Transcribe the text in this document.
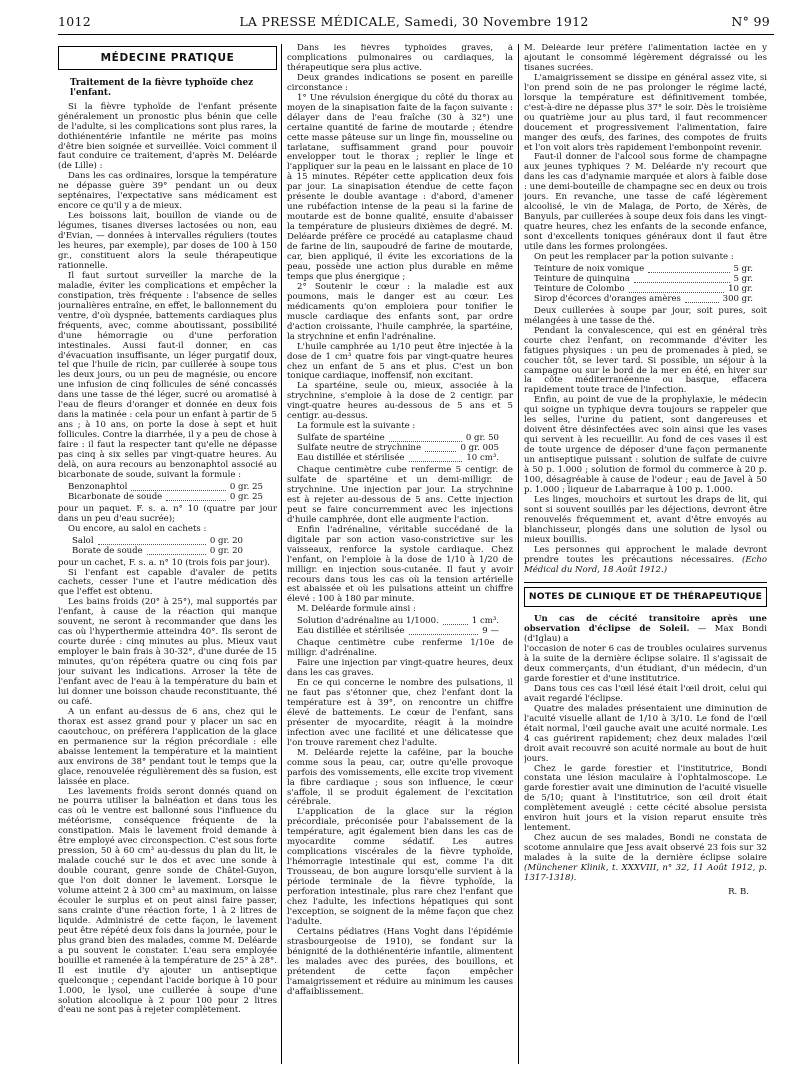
1012	LA PRESSE MÉDICALE, Samedi, 30 Novembre 1912	N° 99
MÉDECINE PRATIQUE
Traitement de la fièvre typhoïde chez l'enfant.

Si la fièvre typhoïde de l'enfant présente généralement un pronostic plus bénin que celle de l'adulte, si les complications sont plus rares, la dothiénentérie infantile ne mérite pas moins d'être bien soignée et surveillée. Voici comment il faut conduire ce traitement, d'après M. Deléarde (de Lille) :

Dans les cas ordinaires, lorsque la température ne dépasse guère 39° pendant un ou deux septénaires, l'expectative sans médicament est encore ce qu'il y a de mieux.

Les boissons lait, bouillon de viande ou de légumes, tisanes diverses lactosées ou non, eau d'Evian, — données à intervalles réguliers (toutes les heures, par exemple), par doses de 100 à 150 gr., constituent alors la seule thérapeutique rationnelle.

Il faut surtout surveiller la marche de la maladie, éviter les complications et empêcher la constipation, très fréquente : l'absence de selles journalières entraîne, en effet, le ballonnement du ventre, d'où dyspnée, battements cardiaques plus fréquents, avec, comme aboutissant, possibilité d'une hémorragie ou d'une perforation intestinales. Aussi faut-il donner, en cas d'évacuation insuffisante, un léger purgatif doux, tel que l'huile de ricin, par cuillerée à soupe tous les deux jours, ou un peu de magnésie, ou encore une infusion de cinq follicules de séné concassés dans une tasse de thé léger, sucré ou aromatisé à l'eau de fleurs d'oranger et donnée en deux fois dans la matinée : cela pour un enfant à partir de 5 ans ; à 10 ans, on porte la dose à sept et huit follicules. Contre la diarrhée, il y a peu de chose à faire : il faut la respecter tant qu'elle ne dépasse pas cinq à six selles par vingt-quatre heures. Au delà, on aura recours au benzonaphtol associé au bicarbonate de soude, suivant la formule :

Benzonaphtol	0 gr. 25
Bicarbonate de soude	0 gr. 25

pour un paquet. F. s. a. n° 10 (quatre par jour dans un peu d'eau sucrée);

Ou encore, au salol en cachets :

Salol	0 gr. 20
Borate de soude	0 gr. 20

pour un cachet, F. s. a. n° 10 (trois fois par jour).

Si l'enfant est capable d'avaler de petits cachets, cesser l'une et l'autre médication dès que l'effet est obtenu.

Les bains froids (20° à 25°), mal supportés par l'enfant, à cause de la réaction qui manque souvent, ne seront à recommander que dans les cas où l'hyperthermie atteindra 40°. Ils seront de courte durée : cinq minutes au plus. Mieux vaut employer le bain frais à 30-32°, d'une durée de 15 minutes, qu'on répétera quatre ou cinq fois par jour suivant les indications. Arroser la tête de l'enfant avec de l'eau à la température du bain et lui donner une boisson chaude reconstituante, thé ou café.

A un enfant au-dessus de 6 ans, chez qui le thorax est assez grand pour y placer un sac en caoutchouc, on préférera l'application de la glace en permanence sur la région précordiale : elle abaisse lentement la température et la maintient aux environs de 38° pendant tout le temps que la glace, renouvelée régulièrement dès sa fusion, est laissée en place.

Les lavements froids seront donnés quand on ne pourra utiliser la balnéation et dans tous les cas où le ventre est ballonné sous l'influence du météorisme, conséquence fréquente de la constipation. Mais le lavement froid demande à être employé avec circonspection. C'est sous forte pression, 50 à 60 cm³ au-dessus du plan du lit, le malade couché sur le dos et avec une sonde à double courant, genre sonde de Châtel-Guyon, que l'on doit donner le lavement. Lorsque le volume atteint 2 à 300 cm³ au maximum, on laisse écouler le surplus et on peut ainsi faire passer, sans crainte d'une réaction forte, 1 à 2 litres de liquide. Administré de cette façon, le lavement peut être répété deux fois dans la journée, pour le plus grand bien des malades, comme M. Deléarde a pu souvent le constater. L'eau sera employée bouillie et ramenée à la température de 25° à 28°. Il est inutile d'y ajouter un antiseptique quelconque ; cependant l'acide borique à 10 pour 1.000, le lysol, une cuillerée à soupe d'une solution alcoolique à 2 pour 100 pour 2 litres d'eau ne sont pas à rejeter complètement.

Dans les fièvres typhoïdes graves, à complications pulmonaires ou cardiaques, la thérapeutique sera plus active.

Deux grandes indications se posent en pareille circonstance :

1° Une révulsion énergique du côté du thorax au moyen de la sinapisation faite de la façon suivante : délayer dans de l'eau fraîche (30 à 32°) une certaine quantité de farine de moutarde ; étendre cette masse pâteuse sur un linge fin, mousseline ou tarlatane, suffisamment grand pour pouvoir envelopper tout le thorax ; replier le linge et l'appliquer sur la peau en le laissant en place de 10 à 15 minutes. Répéter cette application deux fois par jour. La sinapisation étendue de cette façon présente le double avantage : d'abord, d'amener une rubéfaction intense de la peau si la farine de moutarde est de bonne qualité, ensuite d'abaisser la température de plusieurs dixièmes de degré. M. Deléarde préfère ce procédé au cataplasme chaud de farine de lin, saupoudré de farine de moutarde, car, bien appliqué, il évite les excoriations de la peau, possède une action plus durable en même temps que plus énergique ;

2° Soutenir le cœur : la maladie est aux poumons, mais le danger est au cœur. Les médicaments qu'on emploiera pour tonifier le muscle cardiaque des enfants sont, par ordre d'action croissante, l'huile camphrée, la spartéine, la strychnine et enfin l'adrénaline.

L'huile camphrée au 1/10 peut être injectée à la dose de 1 cm³ quatre fois par vingt-quatre heures chez un enfant de 5 ans et plus. C'est un bon tonique cardiaque, inoffensif, non excitant.

La spartéine, seule ou, mieux, associée à la strychnine, s'emploie à la dose de 2 centigr. par vingt-quatre heures au-dessous de 5 ans et 5 centigr. au-dessus.

La formule est la suivante :

Sulfate de spartéine	0 gr. 50
Sulfate neutre de strychnine	0 gr. 005
Eau distillée et stérilisée	10 cm³.

Chaque centimètre cube renferme 5 centigr. de sulfate de spartéine et un demi-milligr. de strychnine. Une injection par jour. La strychnine est à rejeter au-dessous de 5 ans. Cette injection peut se faire concurremment avec les injections d'huile camphrée, dont elle augmente l'action.

Enfin l'adrénaline, véritable succédané de la digitale par son action vaso-constrictive sur les vaisseaux, renforce la systole cardiaque. Chez l'enfant, on l'emploie à la dose de 1/10 à 1/20 de milligr. en injection sous-cutanée. Il faut y avoir recours dans tous les cas où la tension artérielle est abaissée et où les pulsations atteint un chiffre élevé : 100 à 180 par minute.

M. Deléarde formule ainsi :

Solution d'adrénaline au 1/1000.	1 cm³.
Eau distillée et stérilisée	9 —

Chaque centimètre cube renferme 1/10e de milligr. d'adrénaline.

Faire une injection par vingt-quatre heures, deux dans les cas graves.

En ce qui concerne le nombre des pulsations, il ne faut pas s'étonner que, chez l'enfant dont la température est à 39°, on rencontre un chiffre élevé de battements. Le cœur de l'enfant, sans présenter de myocardite, réagit à la moindre infection avec une facilité et une délicatesse que l'on trouve rarement chez l'adulte.

M. Deléarde rejette la caféine, par la bouche comme sous la peau, car, outre qu'elle provoque parfois des vomissements, elle excite trop vivement la fibre cardiaque ; sous son influence, le cœur s'affole, il se produit également de l'excitation cérébrale.

L'application de la glace sur la région précordiale, préconisée pour l'abaissement de la température, agit également bien dans les cas de myocardite comme sédatif. Les autres complications viscérales de la fièvre typhoïde, l'hémorragie intestinale qui est, comme l'a dit Trousseau, de bon augure lorsqu'elle survient à la période terminale de la fièvre typhoïde, la perforation intestinale, plus rare chez l'enfant que chez l'adulte, les infections hépatiques qui sont l'exception, se soignent de la même façon que chez l'adulte.

Certains pédiatres (Hans Voght dans l'épidémie strasbourgeoise de 1910), se fondant sur la bénignité de la dothiénentérie infantile, alimentent les malades avec des purées, des bouillons, et prétendent de cette façon empêcher l'amaigrissement et réduire au minimum les causes d'affaiblissement.

M. Deléarde leur préfère l'alimentation lactée en y ajoutant le consommé légèrement dégraissé ou les tisanes sucrées.

L'amaigrissement se dissipe en général assez vite, si l'on prend soin de ne pas prolonger le régime lacté, lorsque la température est définitivement tombée, c'est-à-dire ne dépasse plus 37° le soir. Dès le troisième ou quatrième jour au plus tard, il faut recommencer doucement et progressivement l'alimentation, faire manger des œufs, des farines, des compotes de fruits et l'on voit alors très rapidement l'embonpoint revenir.

Faut-il donner de l'alcool sous forme de champagne aux jeunes typhiques ? M. Deléarde n'y recourt que dans les cas d'adynamie marquée et alors à faible dose : une demi-bouteille de champagne sec en deux ou trois jours. En revanche, une tasse de café légèrement alcoolisé, le vin de Malaga, de Porto, de Xérès, de Banyuls, par cuillerées à soupe deux fois dans les vingt-quatre heures, chez les enfants de la seconde enfance, sont d'excellents toniques généraux dont il faut être utile dans les formes prolongées.

On peut les remplacer par la potion suivante :

Teinture de noix vomique	5 gr.
Teinture de quinquina	5 gr.
Teinture de Colombo	10 gr.
Sirop d'écorces d'oranges amères	300 gr.

Deux cuillerées à soupe par jour, soit pures, soit mélangées à une tasse de thé.

Pendant la convalescence, qui est en général très courte chez l'enfant, on recommande d'éviter les fatigues physiques : un peu de promenades à pied, se coucher tôt, se lever tard. Si possible, un séjour à la campagne ou sur le bord de la mer en été, en hiver sur la côte méditerranéenne ou basque, effacera rapidement toute trace de l'infection.

Enfin, au point de vue de la prophylaxie, le médecin qui soigne un typhique devra toujours se rappeler que les selles, l'urine du patient, sont dangereuses et doivent être désinfectées avec soin ainsi que les vases qui servent à les recueillir. Au fond de ces vases il est de toute urgence de déposer d'une façon permanente un antiseptique puissant : solution de sulfate de cuivre à 50 p. 1.000 ; solution de formol du commerce à 20 p. 100, désagréable à cause de l'odeur ; eau de Javel à 50 p. 1.000 ; liqueur de Labarraque à 100 p. 1.000.

Les linges, mouchoirs et surtout les draps de lit, qui sont si souvent souillés par les déjections, devront être renouvelés fréquemment et, avant d'être envoyés au blanchisseur, plongés dans une solution de lysol ou mieux bouillis.

Les personnes qui approchent le malade devront prendre toutes les précautions nécessaires. (Echo Médical du Nord, 18 Août 1912.)

NOTES DE CLINIQUE ET DE THÉRAPEUTIQUE

Un cas de cécité transitoire après une observation d'éclipse de Soleil. — Max Bondi (d'Iglau) a

l'occasion de noter 6 cas de troubles oculaires survenus à la suite de la dernière éclipse solaire. Il s'agissait de deux commerçants, d'un étudiant, d'un médecin, d'un garde forestier et d'une institutrice.

Dans tous ces cas l'œil lésé était l'œil droit, celui qui avait regardé l'éclipse.

Quatre des malades présentaient une diminution de l'acuité visuelle allant de 1/10 à 3/10. Le fond de l'œil était normal, l'œil gauche avait une acuité normale. Les 4 cas guérirent rapidement; chez deux malades l'œil droit avait recouvré son acuité normale au bout de huit jours.

Chez le garde forestier et l'institutrice, Bondi constata une lésion maculaire à l'ophtalmoscope. Le garde forestier avait une diminution de l'acuité visuelle de 5/10; quant à l'institutrice, son œil droit était complètement aveuglé : cette cécité absolue persista environ huit jours et la vision reparut ensuite très lentement.

Chez aucun de ses malades, Bondi ne constata de scotome annulaire que Jess avait observé 23 fois sur 32 malades à la suite de la dernière éclipse solaire (Münchener Klinik, t. XXXVIII, n° 32, 11 Août 1912, p. 1317-1318).

R. B.
